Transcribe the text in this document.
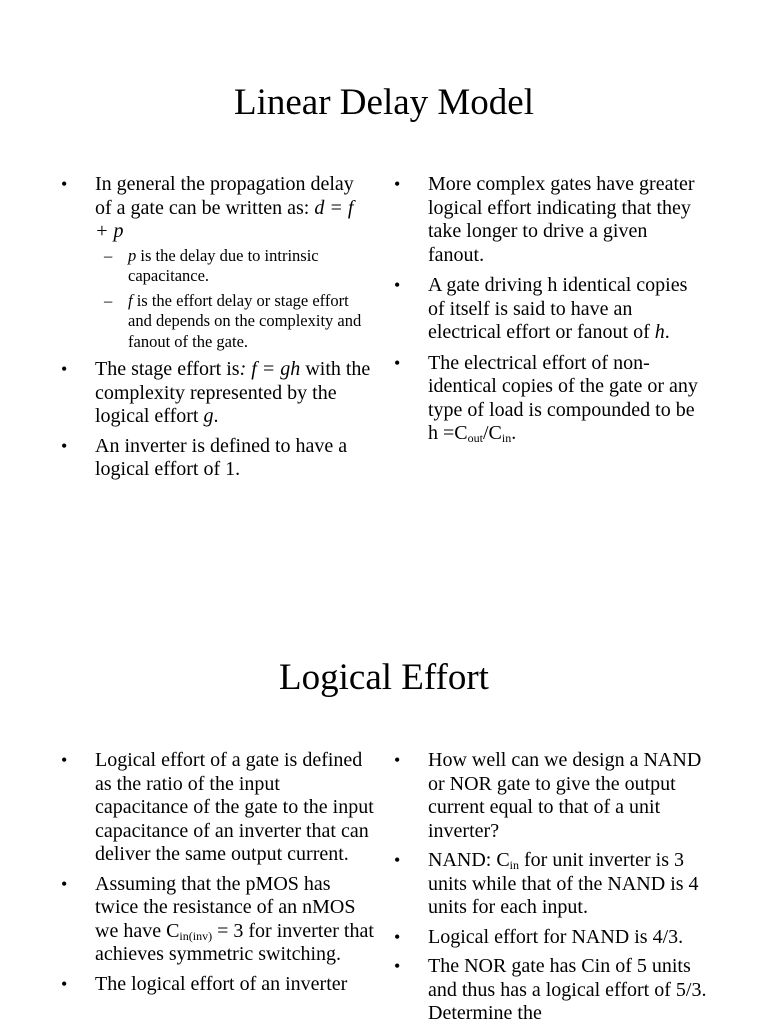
Linear Delay Model
• In general the propagation delay of a gate can be written as: d = f + p
– p is the delay due to intrinsic capacitance.
– f is the effort delay or stage effort and depends on the complexity and fanout of the gate.
• The stage effort is: f = gh with the complexity represented by the logical effort g.
• An inverter is defined to have a logical effort of 1.
• More complex gates have greater logical effort indicating that they take longer to drive a given fanout.
• A gate driving h identical copies of itself is said to have an electrical effort or fanout of h.
• The electrical effort of non-identical copies of the gate or any type of load is compounded to be $h =C_{out}/C_{in}$.
Logical Effort
• Logical effort of a gate is defined as the ratio of the input capacitance of the gate to the input capacitance of an inverter that can deliver the same output current.
• Assuming that the pMOS has twice the resistance of an nMOS we have $C_{in(inv)} = 3$ for inverter that achieves symmetric switching.
• The logical effort of an inverter
• How well can we design a NAND or NOR gate to give the output current equal to that of a unit inverter?
• NAND: $C_{in}$ for unit inverter is 3 units while that of the NAND is 4 units for each input.
• Logical effort for NAND is 4/3.
• The NOR gate has Cin of 5 units and thus has a logical effort of 5/3. Determine the
